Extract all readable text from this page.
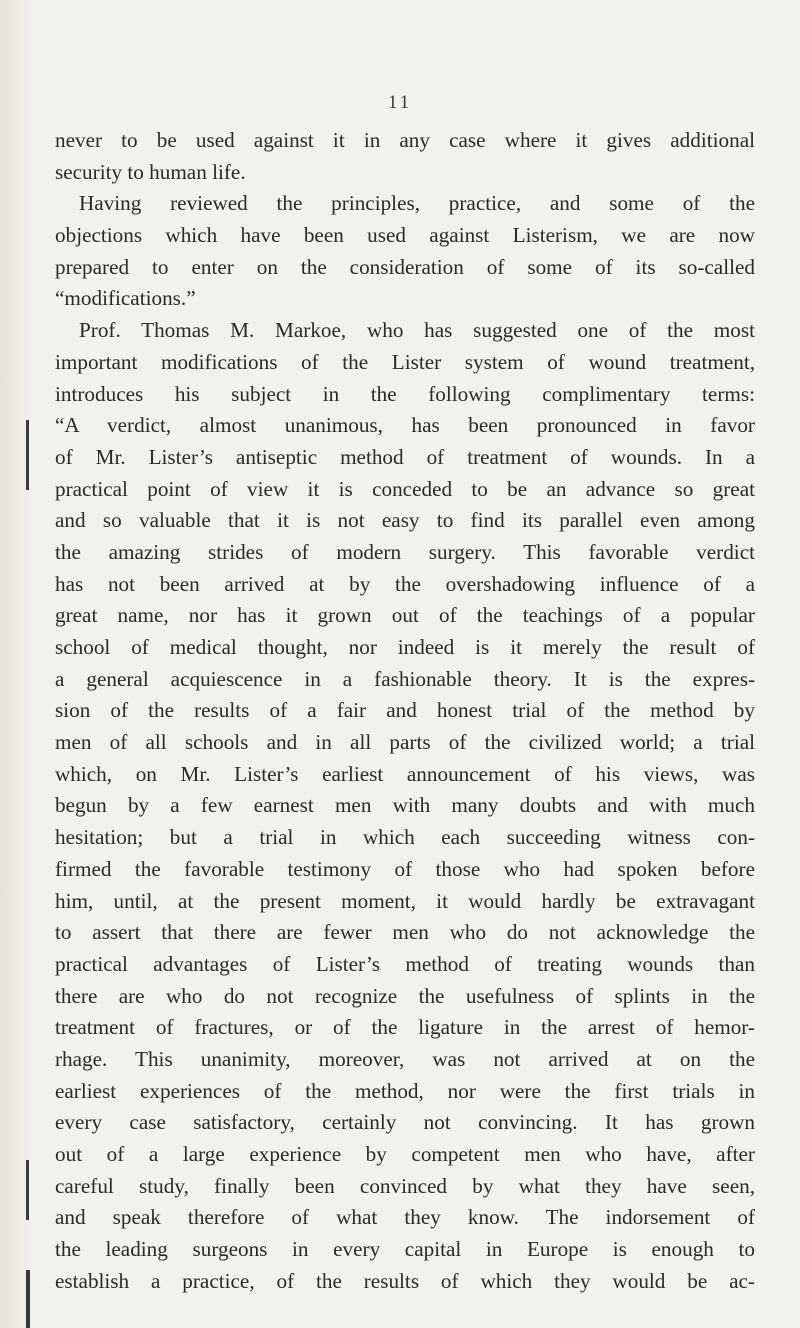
11
never to be used against it in any case where it gives additional
security to human life.
Having reviewed the principles, practice, and some of the
objections which have been used against Listerism, we are now
prepared to enter on the consideration of some of its so-called
“modifications.”
Prof. Thomas M. Markoe, who has suggested one of the most
important modifications of the Lister system of wound treatment,
introduces his subject in the following complimentary terms:
“A verdict, almost unanimous, has been pronounced in favor
of Mr. Lister’s antiseptic method of treatment of wounds. In a
practical point of view it is conceded to be an advance so great
and so valuable that it is not easy to find its parallel even among
the amazing strides of modern surgery. This favorable verdict
has not been arrived at by the overshadowing influence of a
great name, nor has it grown out of the teachings of a popular
school of medical thought, nor indeed is it merely the result of
a general acquiescence in a fashionable theory. It is the expres-
sion of the results of a fair and honest trial of the method by
men of all schools and in all parts of the civilized world; a trial
which, on Mr. Lister’s earliest announcement of his views, was
begun by a few earnest men with many doubts and with much
hesitation; but a trial in which each succeeding witness con-
firmed the favorable testimony of those who had spoken before
him, until, at the present moment, it would hardly be extravagant
to assert that there are fewer men who do not acknowledge the
practical advantages of Lister’s method of treating wounds than
there are who do not recognize the usefulness of splints in the
treatment of fractures, or of the ligature in the arrest of hemor-
rhage. This unanimity, moreover, was not arrived at on the
earliest experiences of the method, nor were the first trials in
every case satisfactory, certainly not convincing. It has grown
out of a large experience by competent men who have, after
careful study, finally been convinced by what they have seen,
and speak therefore of what they know. The indorsement of
the leading surgeons in every capital in Europe is enough to
establish a practice, of the results of which they would be ac-
